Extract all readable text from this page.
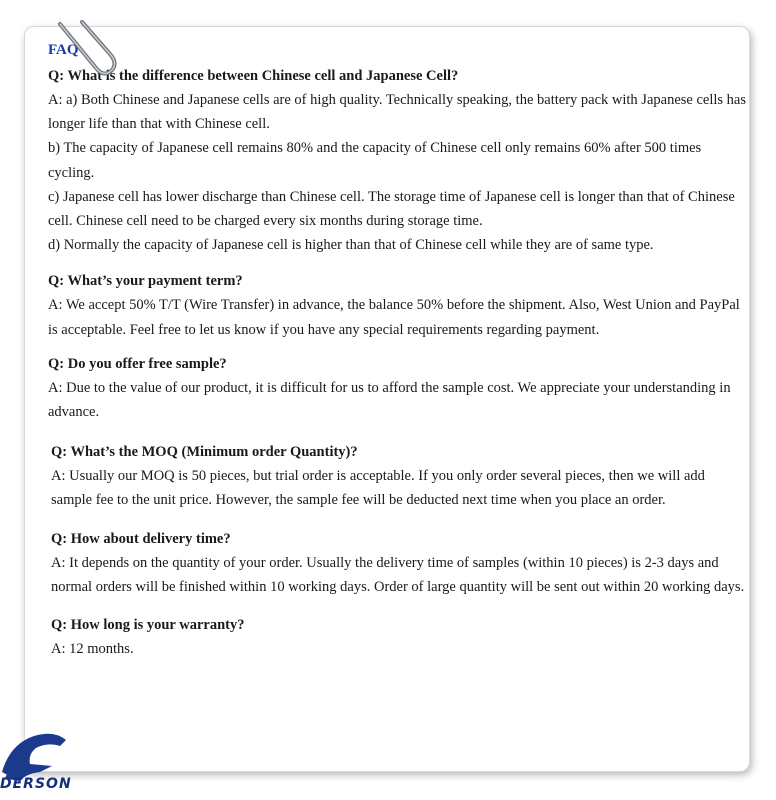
FAQ
Q: What is the difference between Chinese cell and Japanese Cell?
A: a) Both Chinese and Japanese cells are of high quality. Technically speaking, the battery pack with Japanese cells has longer life than that with Chinese cell.
b) The capacity of Japanese cell remains 80% and the capacity of Chinese cell only remains 60% after 500 times cycling.
c) Japanese cell has lower discharge than Chinese cell. The storage time of Japanese cell is longer than that of Chinese cell. Chinese cell need to be charged every six months during storage time.
d) Normally the capacity of Japanese cell is higher than that of Chinese cell while they are of same type.
Q: What’s your payment term?
A: We accept 50% T/T (Wire Transfer) in advance, the balance 50% before the shipment. Also, West Union and PayPal is acceptable. Feel free to let us know if you have any special requirements regarding payment.
Q: Do you offer free sample?
A: Due to the value of our product, it is difficult for us to afford the sample cost. We appreciate your understanding in advance.
Q: What’s the MOQ (Minimum order Quantity)?
A: Usually our MOQ is 50 pieces, but trial order is acceptable. If you only order several pieces, then we will add sample fee to the unit price. However, the sample fee will be deducted next time when you place an order.
Q: How about delivery time?
A: It depends on the quantity of your order. Usually the delivery time of samples (within 10 pieces) is 2-3 days and normal orders will be finished within 10 working days. Order of large quantity will be sent out within 20 working days.
Q: How long is your warranty?
A: 12 months.
DERSON
